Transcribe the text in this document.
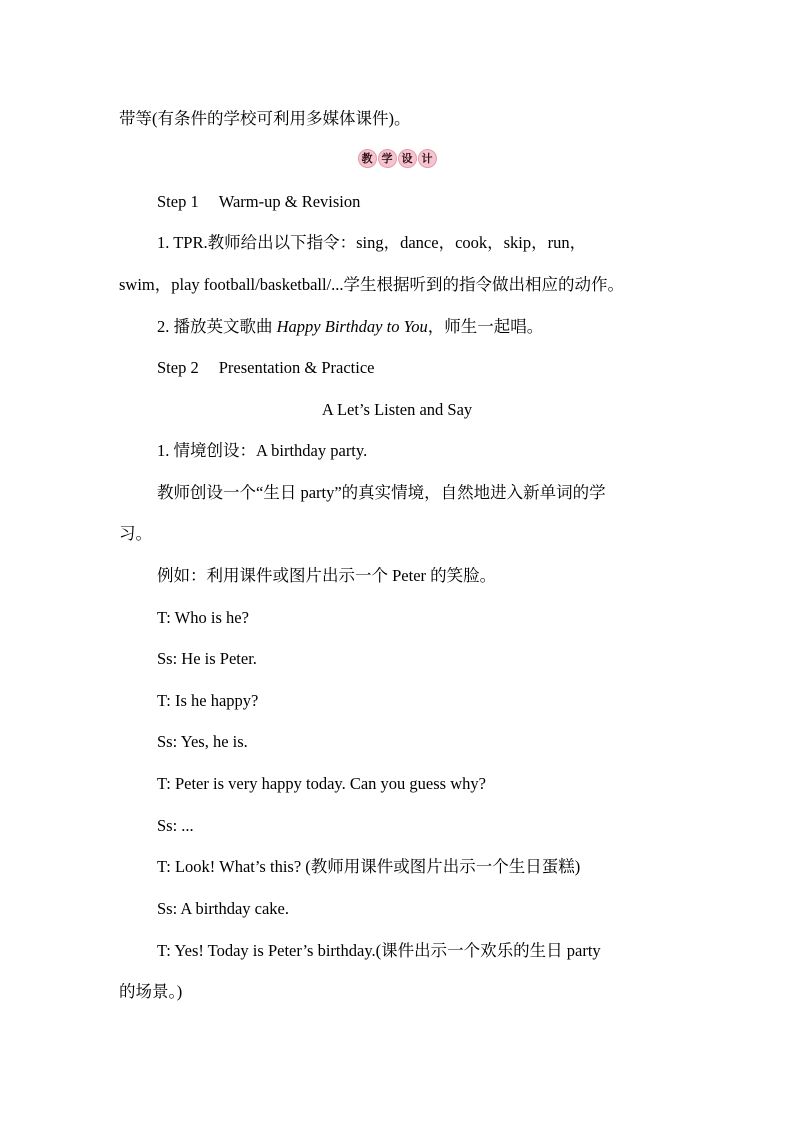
带等(有条件的学校可利用多媒体课件)。
教 学 设 计
Step 1 Warm-up & Revision
1. TPR.教师给出以下指令：sing，dance，cook，skip，run，
swim，play football/basketball/...学生根据听到的指令做出相应的动作。
2. 播放英文歌曲 Happy Birthday to You，师生一起唱。
Step 2 Presentation & Practice
A Let’s Listen and Say
1. 情境创设：A birthday party.
教师创设一个“生日 party”的真实情境，自然地进入新单词的学
习。
例如：利用课件或图片出示一个 Peter 的笑脸。
T: Who is he?
Ss: He is Peter.
T: Is he happy?
Ss: Yes, he is.
T: Peter is very happy today. Can you guess why?
Ss: ...
T: Look! What’s this? (教师用课件或图片出示一个生日蛋糕)
Ss: A birthday cake.
T: Yes! Today is Peter’s birthday.(课件出示一个欢乐的生日 party
的场景。)
